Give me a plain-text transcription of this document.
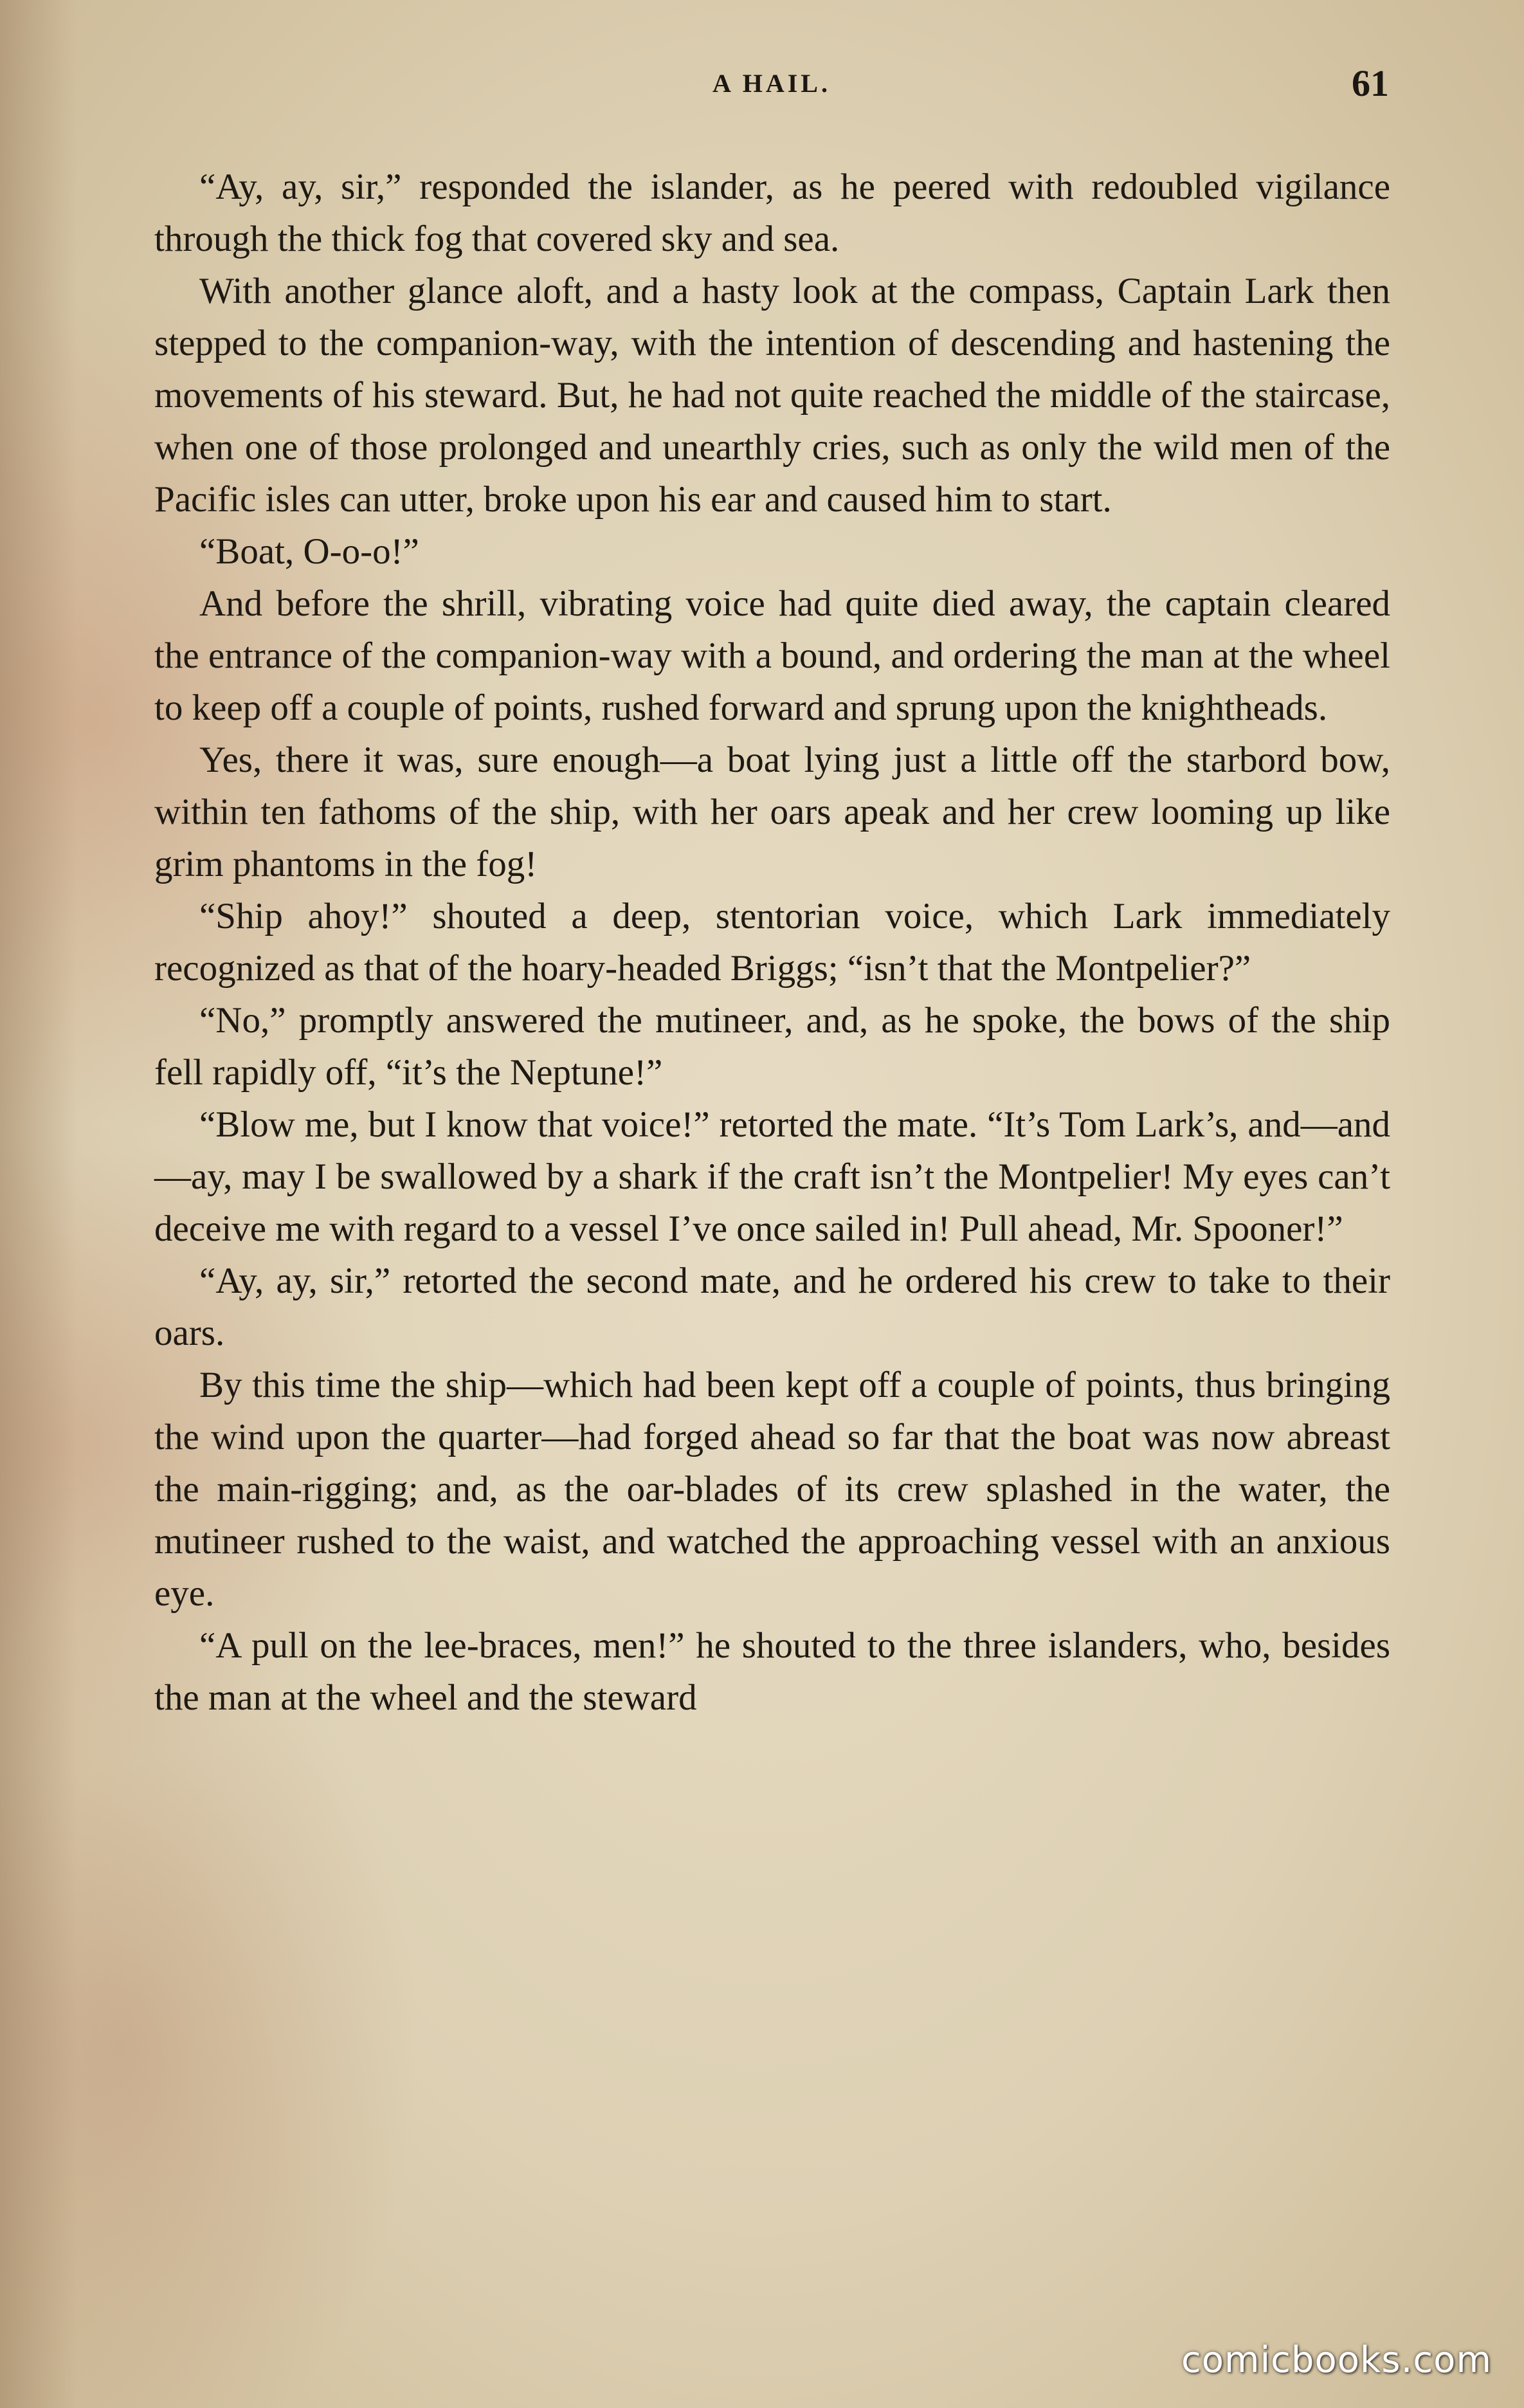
A HAIL.	61

“Ay, ay, sir,” responded the islander, as he peered with redoubled vigilance through the thick fog that covered sky and sea.

With another glance aloft, and a hasty look at the compass, Captain Lark then stepped to the companion-way, with the intention of descending and hastening the movements of his steward. But, he had not quite reached the middle of the staircase, when one of those prolonged and unearthly cries, such as only the wild men of the Pacific isles can utter, broke upon his ear and caused him to start.

“Boat, O-o-o!”

And before the shrill, vibrating voice had quite died away, the captain cleared the entrance of the companion-way with a bound, and ordering the man at the wheel to keep off a couple of points, rushed forward and sprung upon the knightheads.

Yes, there it was, sure enough—a boat lying just a little off the starbord bow, within ten fathoms of the ship, with her oars apeak and her crew looming up like grim phantoms in the fog!

“Ship ahoy!” shouted a deep, stentorian voice, which Lark immediately recognized as that of the hoary-headed Briggs; “isn’t that the Montpelier?”

“No,” promptly answered the mutineer, and, as he spoke, the bows of the ship fell rapidly off, “it’s the Neptune!”

“Blow me, but I know that voice!” retorted the mate. “It’s Tom Lark’s, and—and—ay, may I be swallowed by a shark if the craft isn’t the Montpelier! My eyes can’t deceive me with regard to a vessel I’ve once sailed in! Pull ahead, Mr. Spooner!”

“Ay, ay, sir,” retorted the second mate, and he ordered his crew to take to their oars.

By this time the ship—which had been kept off a couple of points, thus bringing the wind upon the quarter—had forged ahead so far that the boat was now abreast the main-rigging; and, as the oar-blades of its crew splashed in the water, the mutineer rushed to the waist, and watched the approaching vessel with an anxious eye.

“A pull on the lee-braces, men!” he shouted to the three islanders, who, besides the man at the wheel and the steward

comicbooks.com
